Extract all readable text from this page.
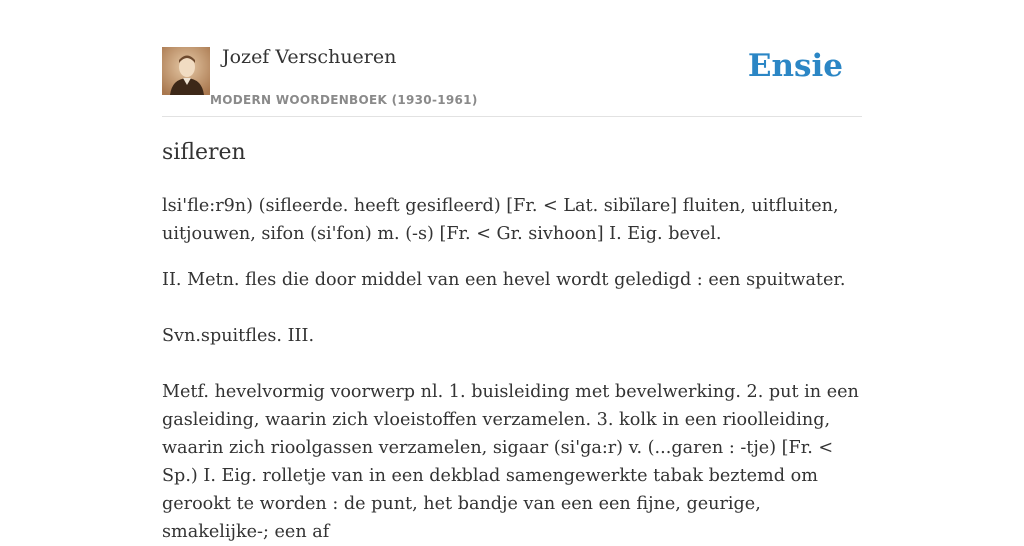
Jozef Verschueren
MODERN WOORDENBOEK (1930-1961)
Ensie
sifleren

lsi'fle:r9n) (sifleerde. heeft gesifleerd) [Fr. < Lat. sibïlare] fluiten, uitfluiten, uitjouwen, sifon (si'fon) m. (-s) [Fr. < Gr. sivhoon] I. Eig. bevel.

II. Metn. fles die door middel van een hevel wordt geledigd : een spuitwater.

Svn.spuitfles. III.

Metf. hevelvormig voorwerp nl. 1. buisleiding met bevelwerking. 2. put in een gasleiding, waarin zich vloeistoffen verzamelen. 3. kolk in een rioolleiding, waarin zich rioolgassen verzamelen, sigaar (si'ga:r) v. (...garen : -tje) [Fr. < Sp.) I. Eig. rolletje van in een dekblad samengewerkte tabak beztemd om gerookt te worden : de punt, het bandje van een een fijne, geurige, smakelijke-; een af
